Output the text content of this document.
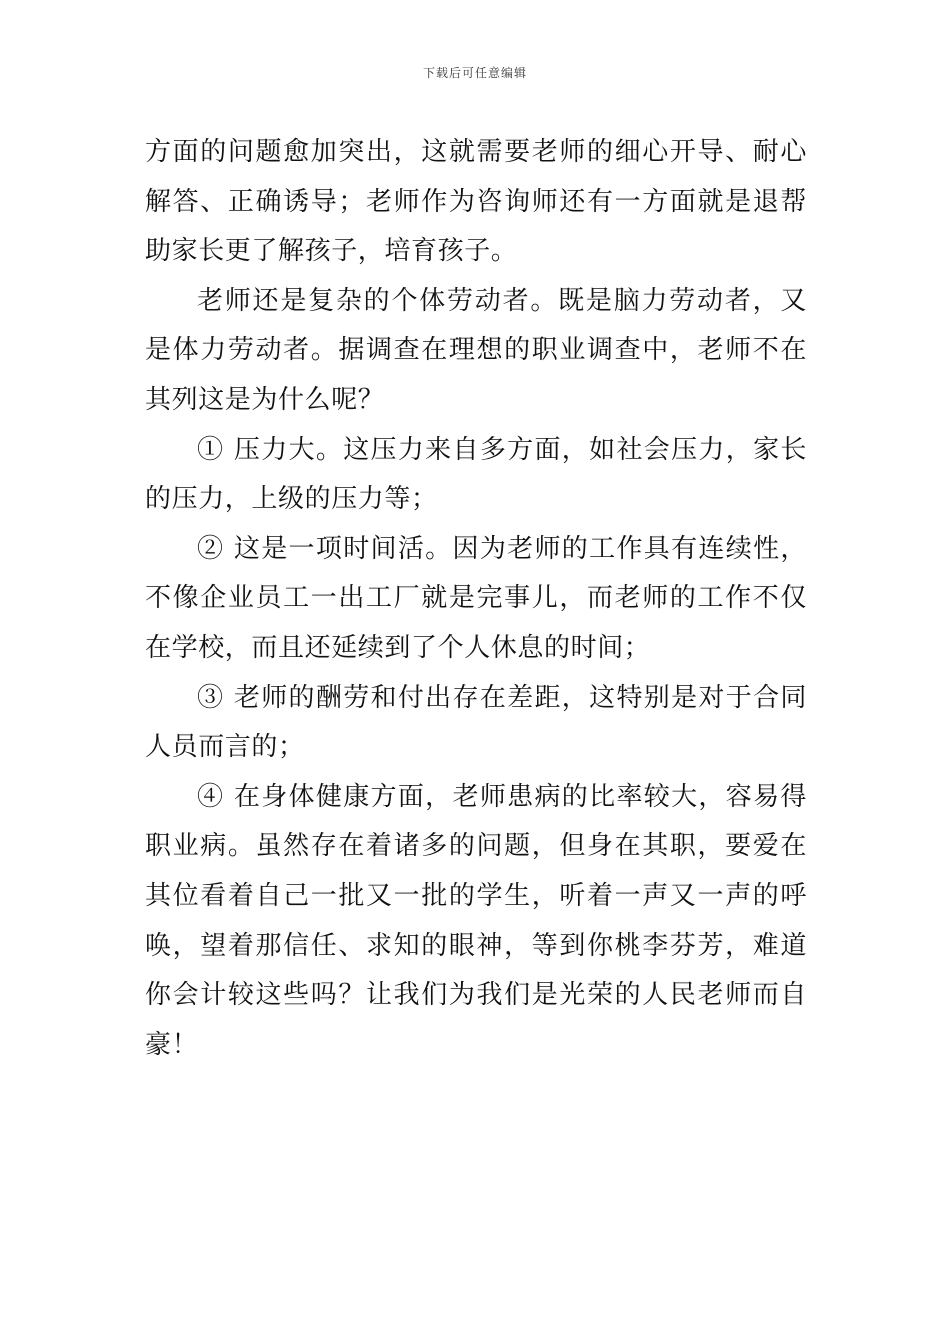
下载后可任意编辑

方面的问题愈加突出，这就需要老师的细心开导、耐心解答、正确诱导；老师作为咨询师还有一方面就是退帮助家长更了解孩子，培育孩子。

老师还是复杂的个体劳动者。既是脑力劳动者，又是体力劳动者。据调查在理想的职业调查中，老师不在其列这是为什么呢？

① 压力大。这压力来自多方面，如社会压力，家长的压力，上级的压力等；

② 这是一项时间活。因为老师的工作具有连续性，不像企业员工一出工厂就是完事儿，而老师的工作不仅在学校，而且还延续到了个人休息的时间；

③ 老师的酬劳和付出存在差距，这特别是对于合同人员而言的；

④ 在身体健康方面，老师患病的比率较大，容易得职业病。虽然存在着诸多的问题，但身在其职，要爱在其位看着自己一批又一批的学生，听着一声又一声的呼唤，望着那信任、求知的眼神，等到你桃李芬芳，难道你会计较这些吗？让我们为我们是光荣的人民老师而自豪！
